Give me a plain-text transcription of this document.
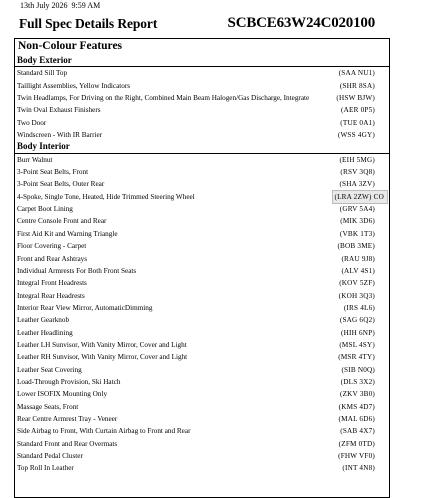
13th July 2026  9:59 AM
Full Spec Details Report	SCBCE63W24C020100
Non-Colour Features
Body Exterior
Standard Sill Top	(SAA NU1)
Taillight Assemblies, Yellow Indicators	(SHR 8SA)
Twin Headlamps, For Driving on the Right, Combined Main Beam Halogen/Gas Discharge, Integrate	(HSW BJW)
Twin Oval Exhaust Finishers	(AER 0P5)
Two Door	(TUE 0A1)
Windscreen - With IR Barrier	(WSS 4GY)
Body Interior
Burr Walnut	(EIH 5MG)
3-Point Seat Belts, Front	(RSV 3Q8)
3-Point Seat Belts, Outer Rear	(SHA 3ZV)
4-Spoke, Single Tone, Heated, Hide Trimmed Steering Wheel	(LRA 2ZW) CO
Carpet Boot Lining	(GRV 5A4)
Centre Console Front and Rear	(MIK 3D6)
First Aid Kit and Warning Triangle	(VBK 1T3)
Floor Covering - Carpet	(BOB 3ME)
Front and Rear Ashtrays	(RAU 9J8)
Individual Armrests For Both Front Seats	(ALV 4S1)
Integral Front Headrests	(KOV 5ZF)
Integral Rear Headrests	(KOH 3Q3)
Interior Rear View Mirror, AutomaticDimming	(IRS 4L6)
Leather Gearknob	(SAG 6Q2)
Leather Headlining	(HIH 6NP)
Leather LH Sunvisor, With Vanity Mirror, Cover and Light	(MSL 4SY)
Leather RH Sunvisor, With Vanity Mirror, Cover and Light	(MSR 4TY)
Leather Seat Covering	(SIB N0Q)
Load-Through Provision, Ski Hatch	(DLS 3X2)
Lower ISOFIX Mounting Only	(ZKV 3B0)
Massage Seats, Front	(KMS 4D7)
Rear Centre Armrest Tray - Veneer	(MAL 6D6)
Side Airbag to Front, With Curtain Airbag to Front and Rear	(SAB 4X7)
Standard Front and Rear Overmats	(ZFM 0TD)
Standard Pedal Cluster	(FHW VF0)
Top Roll In Leather	(INT 4N8)
